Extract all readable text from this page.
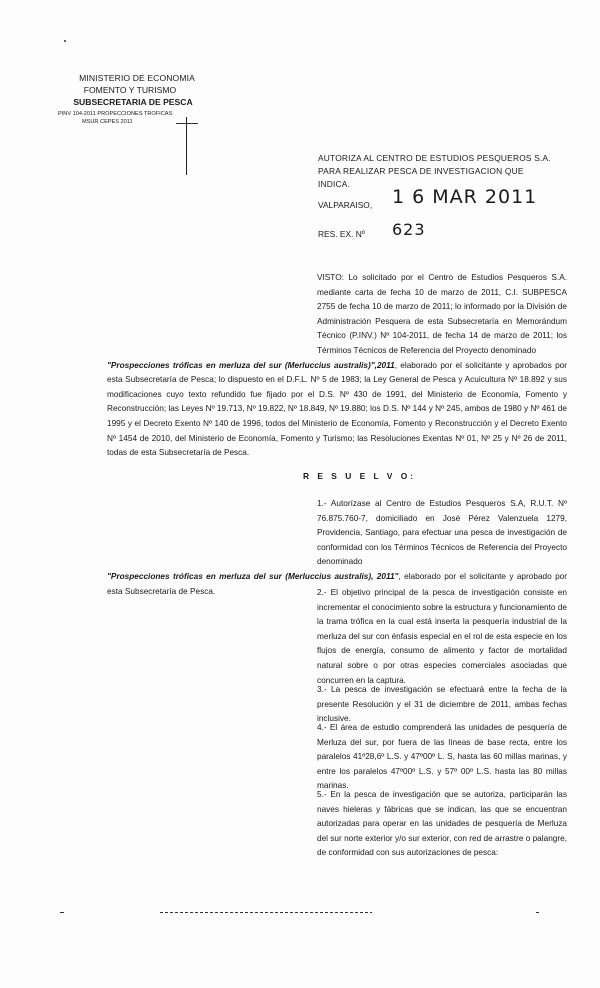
MINISTERIO DE ECONOMIA
FOMENTO Y TURISMO
SUBSECRETARIA DE PESCA
PINV 104-2011 PROPECCIONES TROFICAS
MSUR CEPES 2011
AUTORIZA AL CENTRO DE ESTUDIOS PESQUEROS S.A. PARA REALIZAR PESCA DE INVESTIGACION QUE INDICA.
VALPARAISO, 1 6 MAR 2011
RES. EX. Nº 623

VISTO: Lo solicitado por el Centro de Estudios Pesqueros S.A. mediante carta de fecha 10 de marzo de 2011, C.I. SUBPESCA 2755 de fecha 10 de marzo de 2011; lo informado por la División de Administración Pesquera de esta Subsecretaría en Memorándum Técnico (P.INV.) Nº 104-2011, de fecha 14 de marzo de 2011; los Términos Técnicos de Referencia del Proyecto denominado"Prospecciones tróficas en merluza del sur (Merluccius australis)",2011, elaborado por el solicitante y aprobados por esta Subsecretaría de Pesca; lo dispuesto en el D.F.L. Nº 5 de 1983; la Ley General de Pesca y Acuicultura Nº 18.892 y sus modificaciones cuyo texto refundido fue fijado por el D.S. Nº 430 de 1991, del Ministerio de Economía, Fomento y Reconstrucción; las Leyes Nº 19.713, Nº 19.822, Nº 18.849, Nº 19.880; los D.S. Nº 144 y Nº 245, ambos de 1980 y Nº 461 de 1995 y el Decreto Exento Nº 140 de 1996, todos del Ministerio de Economía, Fomento y Reconstrucción y el Decreto Exento Nº 1454 de 2010, del Ministerio de Economía, Fomento y Turismo; las Resoluciones Exentas Nº 01, Nº 25 y Nº 26 de 2011, todas de esta Subsecretaría de Pesca.

R E S U E L V O:

1.- Autorízase al Centro de Estudios Pesqueros S.A, R.U.T. Nº 76.875.760-7, domiciliado en José Pérez Valenzuela 1279, Providencia, Santiago, para efectuar una pesca de investigación de conformidad con los Términos Técnicos de Referencia del Proyecto denominado"Prospecciones tróficas en merluza del sur (Merluccius australis), 2011", elaborado por el solicitante y aprobado por esta Subsecretaría de Pesca.	2.- El objetivo principal de la pesca de investigación consiste en incrementar el conocimiento sobre la estructura y funcionamiento de la trama trófica en la cual está inserta la pesquería industrial de la merluza del sur con énfasis especial en el rol de esta especie en los flujos de energía, consumo de alimento y factor de mortalidad natural sobre o por otras especies comerciales asociadas que concurren en la captura.

3.- La pesca de investigación se efectuará entre la fecha de la presente Resolución y el 31 de diciembre de 2011, ambas fechas inclusive.

4.- El área de estudio comprenderá las unidades de pesquería de Merluza del sur, por fuera de las líneas de base recta, entre los paralelos 41º28,6º L.S. y 47º00º L. S, hasta las 60 millas marinas, y entre los paralelos 47º00º L.S. y 57º 00º L.S. hasta las 80 millas marinas.

5.- En la pesca de investigación que se autoriza, participarán las naves hieleras y fábricas que se indican, las que se encuentran autorizadas para operar en las unidades de pesquería de Merluza del sur norte exterior y/o sur exterior, con red de arrastre o palangre, de conformidad con sus autorizaciones de pesca:
